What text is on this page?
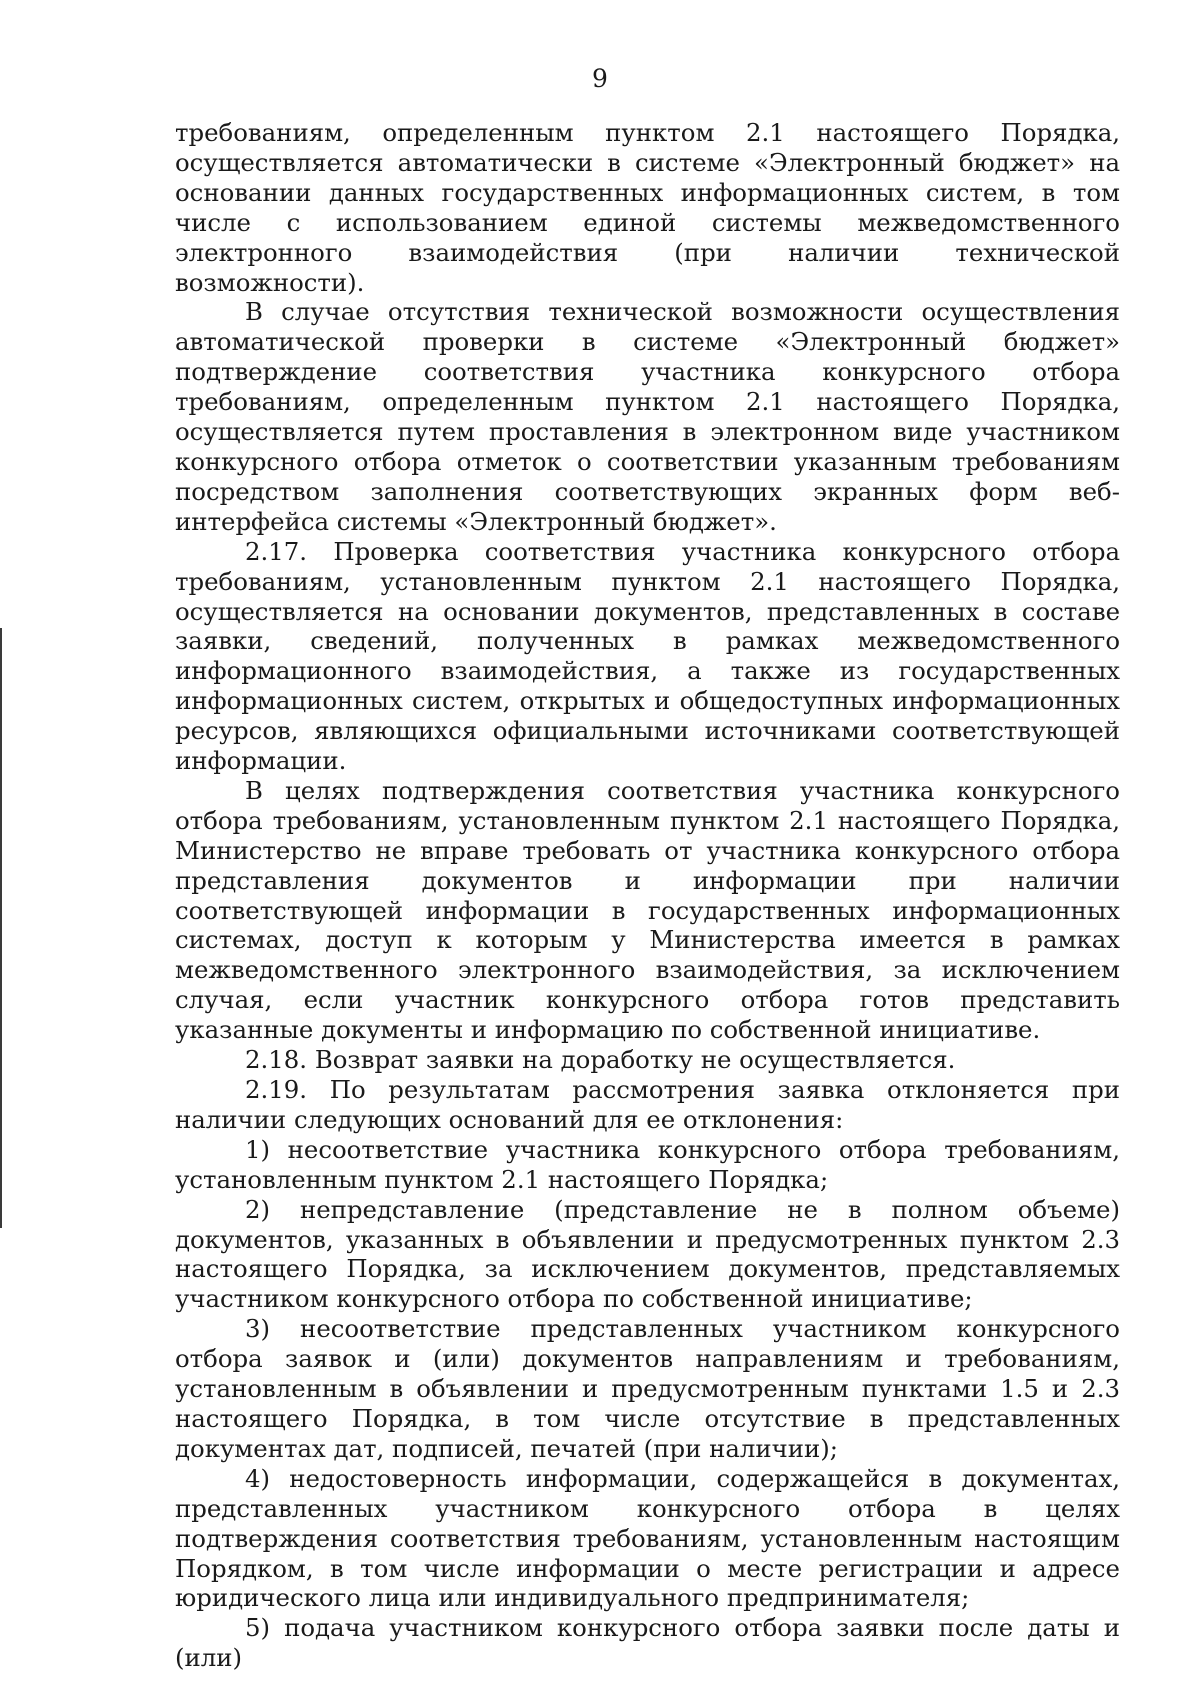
9

требованиям, определенным пунктом 2.1 настоящего Порядка, осуществляется автоматически в системе «Электронный бюджет» на основании данных государственных информационных систем, в том числе с использованием единой системы межведомственного электронного взаимодействия (при наличии технической возможности).

В случае отсутствия технической возможности осуществления автоматической проверки в системе «Электронный бюджет» подтверждение соответствия участника конкурсного отбора требованиям, определенным пунктом 2.1 настоящего Порядка, осуществляется путем проставления в электронном виде участником конкурсного отбора отметок о соответствии указанным требованиям посредством заполнения соответствующих экранных форм веб-интерфейса системы «Электронный бюджет».

2.17. Проверка соответствия участника конкурсного отбора требованиям, установленным пунктом 2.1 настоящего Порядка, осуществляется на основании документов, представленных в составе заявки, сведений, полученных в рамках межведомственного информационного взаимодействия, а также из государственных информационных систем, открытых и общедоступных информационных ресурсов, являющихся официальными источниками соответствующей информации.

В целях подтверждения соответствия участника конкурсного отбора требованиям, установленным пунктом 2.1 настоящего Порядка, Министерство не вправе требовать от участника конкурсного отбора представления документов и информации при наличии соответствующей информации в государственных информационных системах, доступ к которым у Министерства имеется в рамках межведомственного электронного взаимодействия, за исключением случая, если участник конкурсного отбора готов представить указанные документы и информацию по собственной инициативе.

2.18. Возврат заявки на доработку не осуществляется.

2.19. По результатам рассмотрения заявка отклоняется при наличии следующих оснований для ее отклонения:

1) несоответствие участника конкурсного отбора требованиям, установленным пунктом 2.1 настоящего Порядка;

2) непредставление (представление не в полном объеме) документов, указанных в объявлении и предусмотренных пунктом 2.3 настоящего Порядка, за исключением документов, представляемых участником конкурсного отбора по собственной инициативе;

3) несоответствие представленных участником конкурсного отбора заявок и (или) документов направлениям и требованиям, установленным в объявлении и предусмотренным пунктами 1.5 и 2.3 настоящего Порядка, в том числе отсутствие в представленных документах дат, подписей, печатей (при наличии);

4) недостоверность информации, содержащейся в документах, представленных участником конкурсного отбора в целях подтверждения соответствия требованиям, установленным настоящим Порядком, в том числе информации о месте регистрации и адресе юридического лица или индивидуального предпринимателя;

5) подача участником конкурсного отбора заявки после даты и (или)
